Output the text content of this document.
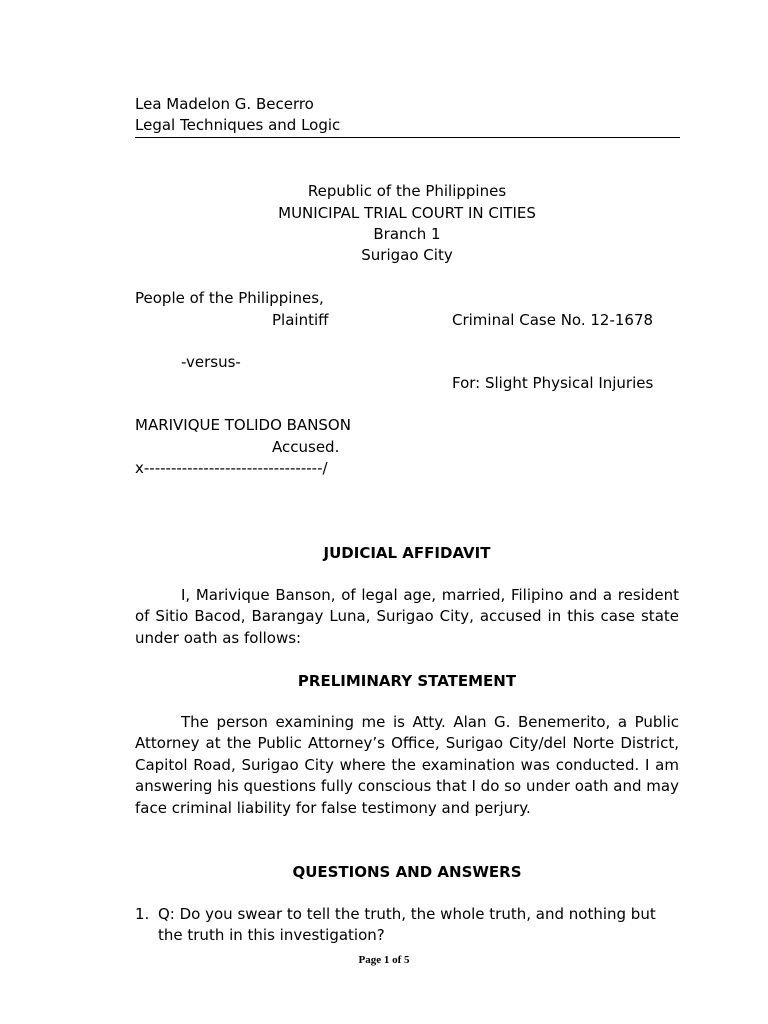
Lea Madelon G. Becerro
Legal Techniques and Logic
Republic of the Philippines
MUNICIPAL TRIAL COURT IN CITIES
Branch 1
Surigao City
People of the Philippines,
Plaintiff	Criminal Case No. 12-1678
-versus-
For: Slight Physical Injuries
MARIVIQUE TOLIDO BANSON
Accused.
x---------------------------------/
JUDICIAL AFFIDAVIT
I, Marivique Banson, of legal age, married, Filipino and a resident of Sitio Bacod, Barangay Luna, Surigao City, accused in this case state under oath as follows:
PRELIMINARY STATEMENT
The person examining me is Atty. Alan G. Benemerito, a Public Attorney at the Public Attorney’s Office, Surigao City/del Norte District, Capitol Road, Surigao City where the examination was conducted. I am answering his questions fully conscious that I do so under oath and may face criminal liability for false testimony and perjury.
QUESTIONS AND ANSWERS
1. Q: Do you swear to tell the truth, the whole truth, and nothing but the truth in this investigation?
Page 1 of 5
